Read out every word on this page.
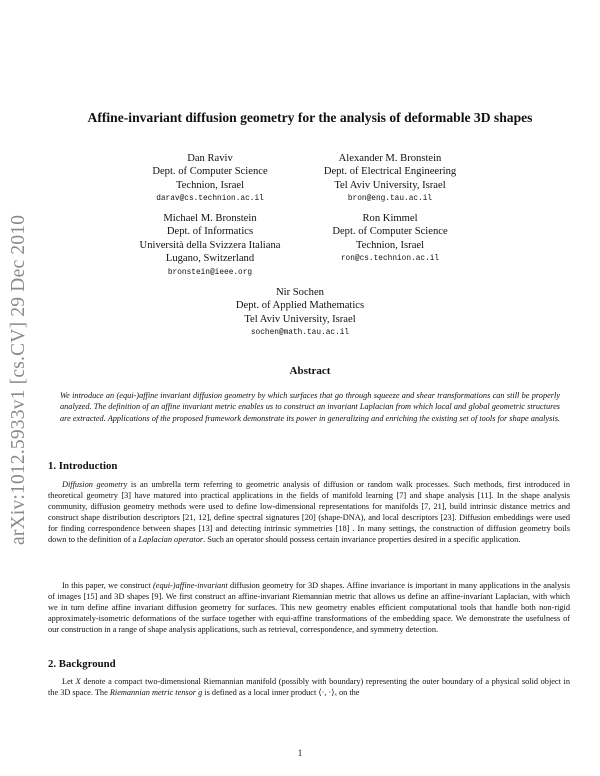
arXiv:1012.5933v1 [cs.CV] 29 Dec 2010
Affine-invariant diffusion geometry for the analysis of deformable 3D shapes
Dan Raviv
Dept. of Computer Science
Technion, Israel
darav@cs.technion.ac.il
Alexander M. Bronstein
Dept. of Electrical Engineering
Tel Aviv University, Israel
bron@eng.tau.ac.il
Michael M. Bronstein
Dept. of Informatics
Università della Svizzera Italiana
Lugano, Switzerland
bronstein@ieee.org
Ron Kimmel
Dept. of Computer Science
Technion, Israel
ron@cs.technion.ac.il
Nir Sochen
Dept. of Applied Mathematics
Tel Aviv University, Israel
sochen@math.tau.ac.il
Abstract
We introduce an (equi-)affine invariant diffusion geometry by which surfaces that go through squeeze and shear transformations can still be properly analyzed. The definition of an affine invariant metric enables us to construct an invariant Laplacian from which local and global geometric structures are extracted. Applications of the proposed framework demonstrate its power in generalizing and enriching the existing set of tools for shape analysis.
1. Introduction

Diffusion geometry is an umbrella term referring to geometric analysis of diffusion or random walk processes. Such methods, first introduced in theoretical geometry [3] have matured into practical applications in the fields of manifold learning [7] and shape analysis [11]. In the shape analysis community, diffusion geometry methods were used to define low-dimensional representations for manifolds [7, 21], build intrinsic distance metrics and construct shape distribution descriptors [21, 12], define spectral signatures [20] (shape-DNA), and local descriptors [23]. Diffusion embeddings were used for finding correspondence between shapes [13] and detecting intrinsic symmetries [18] . In many settings, the construction of diffusion geometry boils down to the definition of a Laplacian operator. Such an operator should possess certain invariance properties desired in a specific application.

In this paper, we construct (equi-)affine-invariant diffusion geometry for 3D shapes. Affine invariance is important in many applications in the analysis of images [15] and 3D shapes [9]. We first construct an affine-invariant Riemannian metric that allows us define an affine-invariant Laplacian, with which we in turn define affine invariant diffusion geometry for surfaces. This new geometry enables efficient computational tools that handle both non-rigid approximately-isometric deformations of the surface together with equi-affine transformations of the embedding space. We demonstrate the usefulness of our construction in a range of shape analysis applications, such as retrieval, correspondence, and symmetry detection.

2. Background

Let X denote a compact two-dimensional Riemannian manifold (possibly with boundary) representing the outer boundary of a physical solid object in the 3D space. The Riemannian metric tensor g is defined as a local inner product ⟨·, ·⟩ₓ on the

1
